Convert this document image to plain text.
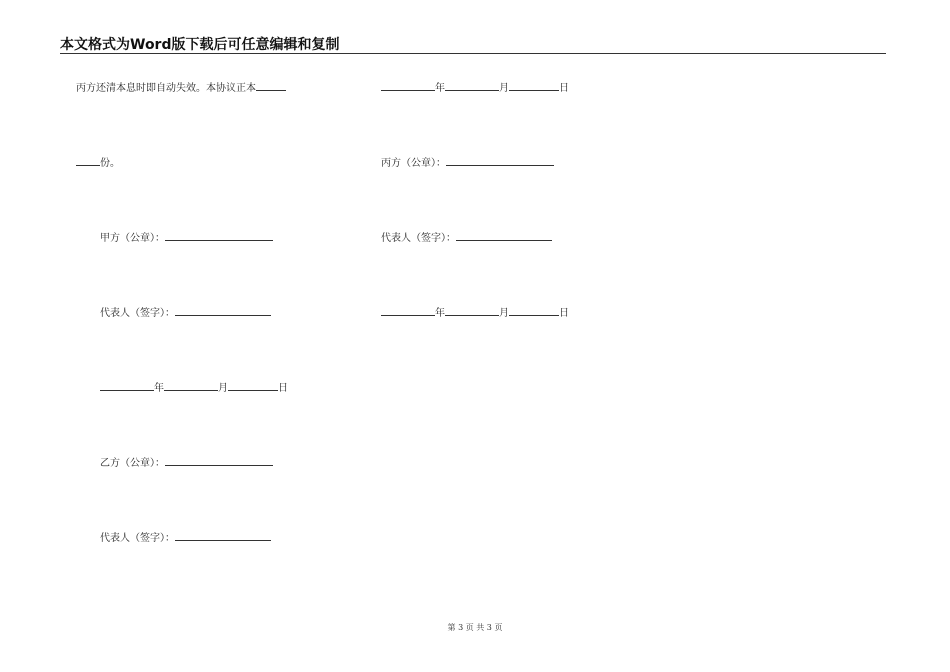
本文格式为Word版下载后可任意编辑和复制
丙方还清本息时即自动失效。本协议正本
份。
甲方（公章）：
代表人（签字）：
年	月	日
乙方（公章）：
代表人（签字）：
年	月	日
丙方（公章）：
代表人（签字）：
年	月	日
第 3 页 共 3 页
